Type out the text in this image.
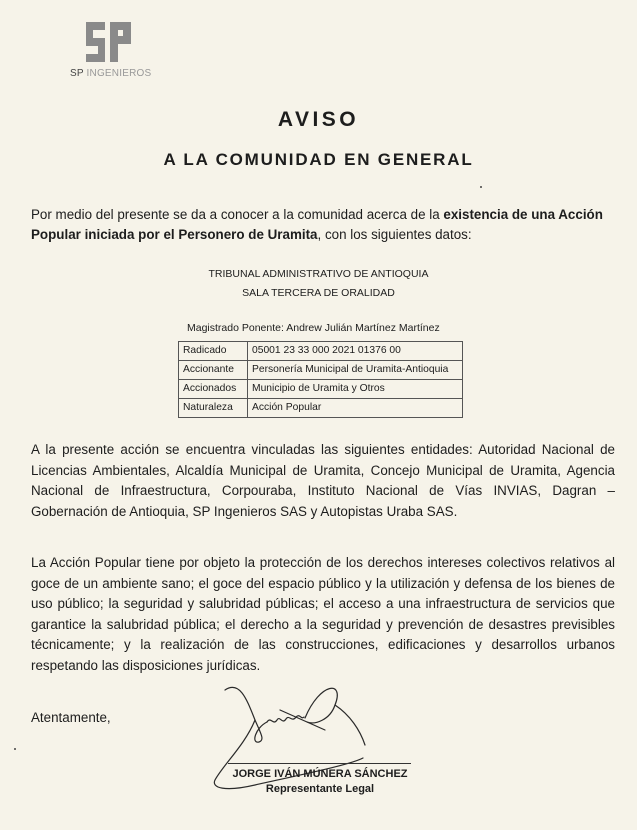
SP INGENIEROS
AVISO
A LA COMUNIDAD EN GENERAL
Por medio del presente se da a conocer a la comunidad acerca de la existencia de una Acción Popular iniciada por el Personero de Uramita, con los siguientes datos:
TRIBUNAL ADMINISTRATIVO DE ANTIOQUIA
SALA TERCERA DE ORALIDAD
Magistrado Ponente: Andrew Julián Martínez Martínez
Radicado	05001 23 33 000 2021 01376 00
Accionante	Personería Municipal de Uramita-Antioquia
Accionados	Municipio de Uramita y Otros
Naturaleza	Acción Popular
A la presente acción se encuentra vinculadas las siguientes entidades: Autoridad Nacional de Licencias Ambientales, Alcaldía Municipal de Uramita, Concejo Municipal de Uramita, Agencia Nacional de Infraestructura, Corpouraba, Instituto Nacional de Vías INVIAS, Dagran – Gobernación de Antioquia, SP Ingenieros SAS y Autopistas Uraba SAS.
La Acción Popular tiene por objeto la protección de los derechos intereses colectivos relativos al goce de un ambiente sano; el goce del espacio público y la utilización y defensa de los bienes de uso público; la seguridad y salubridad públicas; el acceso a una infraestructura de servicios que garantice la salubridad pública; el derecho a la seguridad y prevención de desastres previsibles técnicamente; y la realización de las construcciones, edificaciones y desarrollos urbanos respetando las disposiciones jurídicas.
Atentamente,
JORGE IVÁN MÚNERA SÁNCHEZ
Representante Legal
